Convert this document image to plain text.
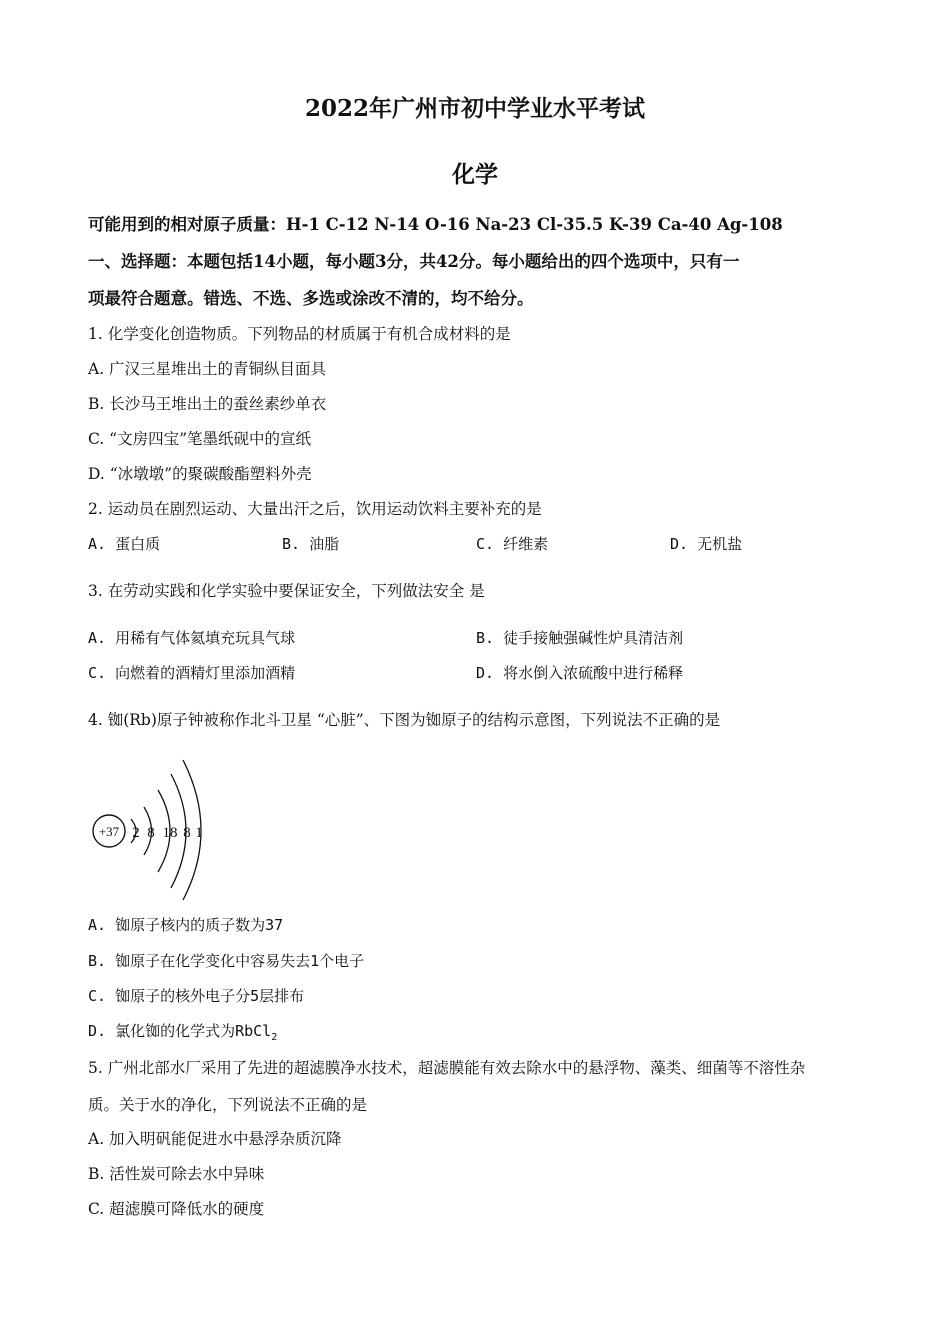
2022年广州市初中学业水平考试
化学
可能用到的相对原子质量：H-1 C-12 N-14 O-16 Na-23 Cl-35.5 K-39 Ca-40 Ag-108
一、选择题：本题包括14小题，每小题3分，共42分。每小题给出的四个选项中，只有一
项最符合题意。错选、不选、多选或涂改不清的，均不给分。
1. 化学变化创造物质。下列物品的材质属于有机合成材料的是
A. 广汉三星堆出土的青铜纵目面具
B. 长沙马王堆出土的蚕丝素纱单衣
C. “文房四宝”笔墨纸砚中的宣纸
D. “冰墩墩”的聚碳酸酯塑料外壳
2. 运动员在剧烈运动、大量出汗之后，饮用运动饮料主要补充的是
A. 蛋白质	B. 油脂	C. 纤维素	D. 无机盐
3. 在劳动实践和化学实验中要保证安全，下列做法安全 是
A. 用稀有气体氦填充玩具气球	B. 徒手接触强碱性炉具清洁剂
C. 向燃着的酒精灯里添加酒精	D. 将水倒入浓硫酸中进行稀释
4. 铷(Rb)原子钟被称作北斗卫星 “心脏”、下图为铷原子的结构示意图，下列说法不正确的是
+37 2 8 18 8 1
A. 铷原子核内的质子数为37
B. 铷原子在化学变化中容易失去1个电子
C. 铷原子的核外电子分5层排布
D. 氯化铷的化学式为RbCl$_2$
5. 广州北部水厂采用了先进的超滤膜净水技术，超滤膜能有效去除水中的悬浮物、藻类、细菌等不溶性杂
质。关于水的净化，下列说法不正确的是
A. 加入明矾能促进水中悬浮杂质沉降
B. 活性炭可除去水中异味
C. 超滤膜可降低水的硬度
